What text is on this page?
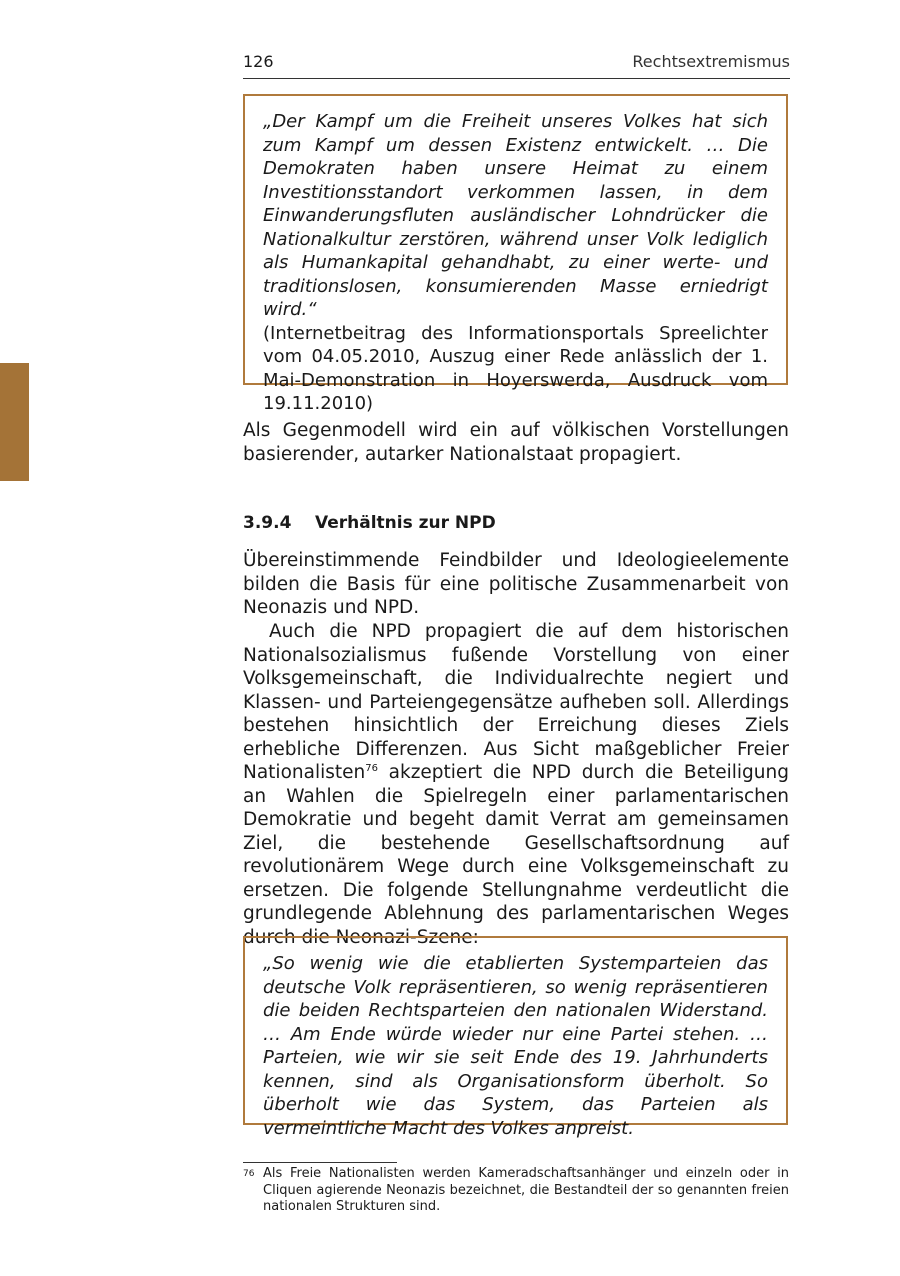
126	Rechtsextremismus

„Der Kampf um die Freiheit unseres Volkes hat sich zum Kampf um dessen Existenz entwickelt. … Die Demokraten haben unsere Heimat zu einem Investitionsstandort verkommen lassen, in dem Einwanderungsfluten ausländischer Lohndrücker die Nationalkultur zerstören, während unser Volk lediglich als Humankapital gehandhabt, zu einer werte- und traditionslosen, konsumierenden Masse erniedrigt wird.“

(Internetbeitrag des Informationsportals Spreelichter vom 04.05.2010, Auszug einer Rede anlässlich der 1. Mai-Demonstration in Hoyerswerda, Ausdruck vom 19.11.2010)

Als Gegenmodell wird ein auf völkischen Vorstellungen basierender, autarker Nationalstaat propagiert.

3.9.4 Verhältnis zur NPD

Übereinstimmende Feindbilder und Ideologieelemente bilden die Basis für eine politische Zusammenarbeit von Neonazis und NPD.

Auch die NPD propagiert die auf dem historischen Nationalsozialismus fußende Vorstellung von einer Volksgemeinschaft, die Individualrechte negiert und Klassen- und Parteiengegensätze aufheben soll. Allerdings bestehen hinsichtlich der Erreichung dieses Ziels erhebliche Differenzen. Aus Sicht maßgeblicher Freier Nationalisten$^{76}$ akzeptiert die NPD durch die Beteiligung an Wahlen die Spielregeln einer parlamentarischen Demokratie und begeht damit Verrat am gemeinsamen Ziel, die bestehende Gesellschaftsordnung auf revolutionärem Wege durch eine Volksgemeinschaft zu ersetzen. Die folgende Stellungnahme verdeutlicht die grundlegende Ablehnung des parlamentarischen Weges durch die Neonazi-Szene:

„So wenig wie die etablierten Systemparteien das deutsche Volk repräsentieren, so wenig repräsentieren die beiden Rechtsparteien den nationalen Widerstand. … Am Ende würde wieder nur eine Partei stehen. … Parteien, wie wir sie seit Ende des 19. Jahrhunderts kennen, sind als Organisationsform überholt. So überholt wie das System, das Parteien als vermeintliche Macht des Volkes anpreist.

76 Als Freie Nationalisten werden Kameradschaftsanhänger und einzeln oder in Cliquen agierende Neonazis bezeichnet, die Bestandteil der so genannten freien nationalen Strukturen sind.
